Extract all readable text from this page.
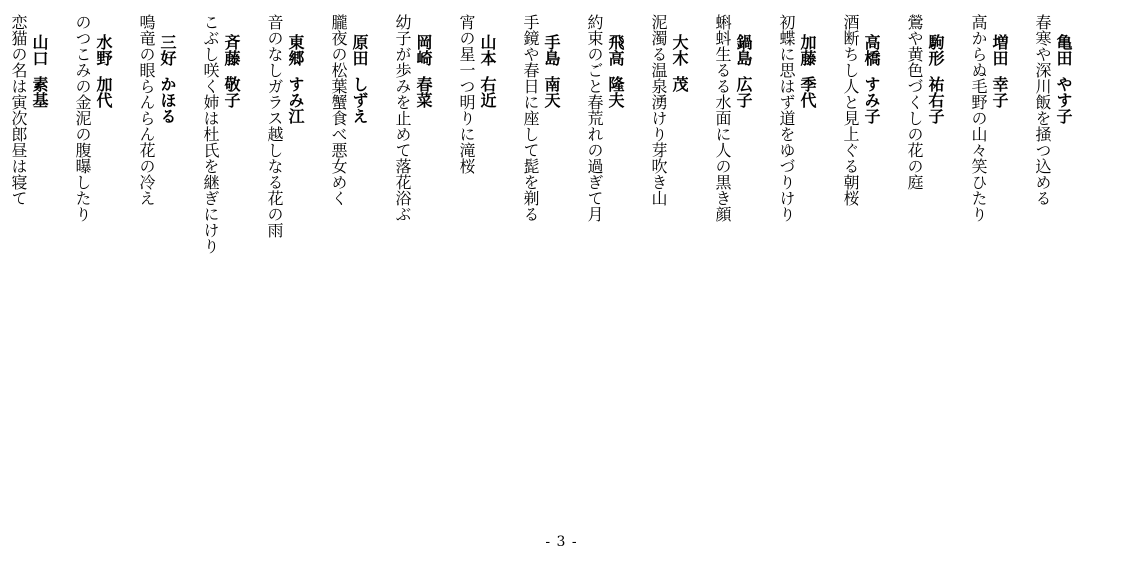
亀田やす子
春寒や深川飯を掻つ込める
増田幸子
高からぬ毛野の山々笑ひたり
駒形祐右子
鶯や黄色づくしの花の庭
高橋すみ子
酒断ちし人と見上ぐる朝桜
加藤季代
初蝶に思はず道をゆづりけり
鍋島広子
蝌蚪生るる水面に人の黒き顔
大木茂
泥濁る温泉湧けり芽吹き山
飛高隆夫
約束のごと春荒れの過ぎて月
手島南天
手鏡や春日に座して髭を剃る
山本右近
宵の星一つ明りに滝桜
岡崎春菜
幼子が歩みを止めて落花浴ぶ
原田しずえ
朧夜の松葉蟹食べ悪女めく
東郷すみ江
音のなしガラス越しなる花の雨
斉藤敬子
こぶし咲く姉は杜氏を継ぎにけり
三好かほる
鳴竜の眼らんらん花の冷え
水野加代
のつこみの金泥の腹曝したり
山口素基
恋猫の名は寅次郎昼は寝て
- 3 -
